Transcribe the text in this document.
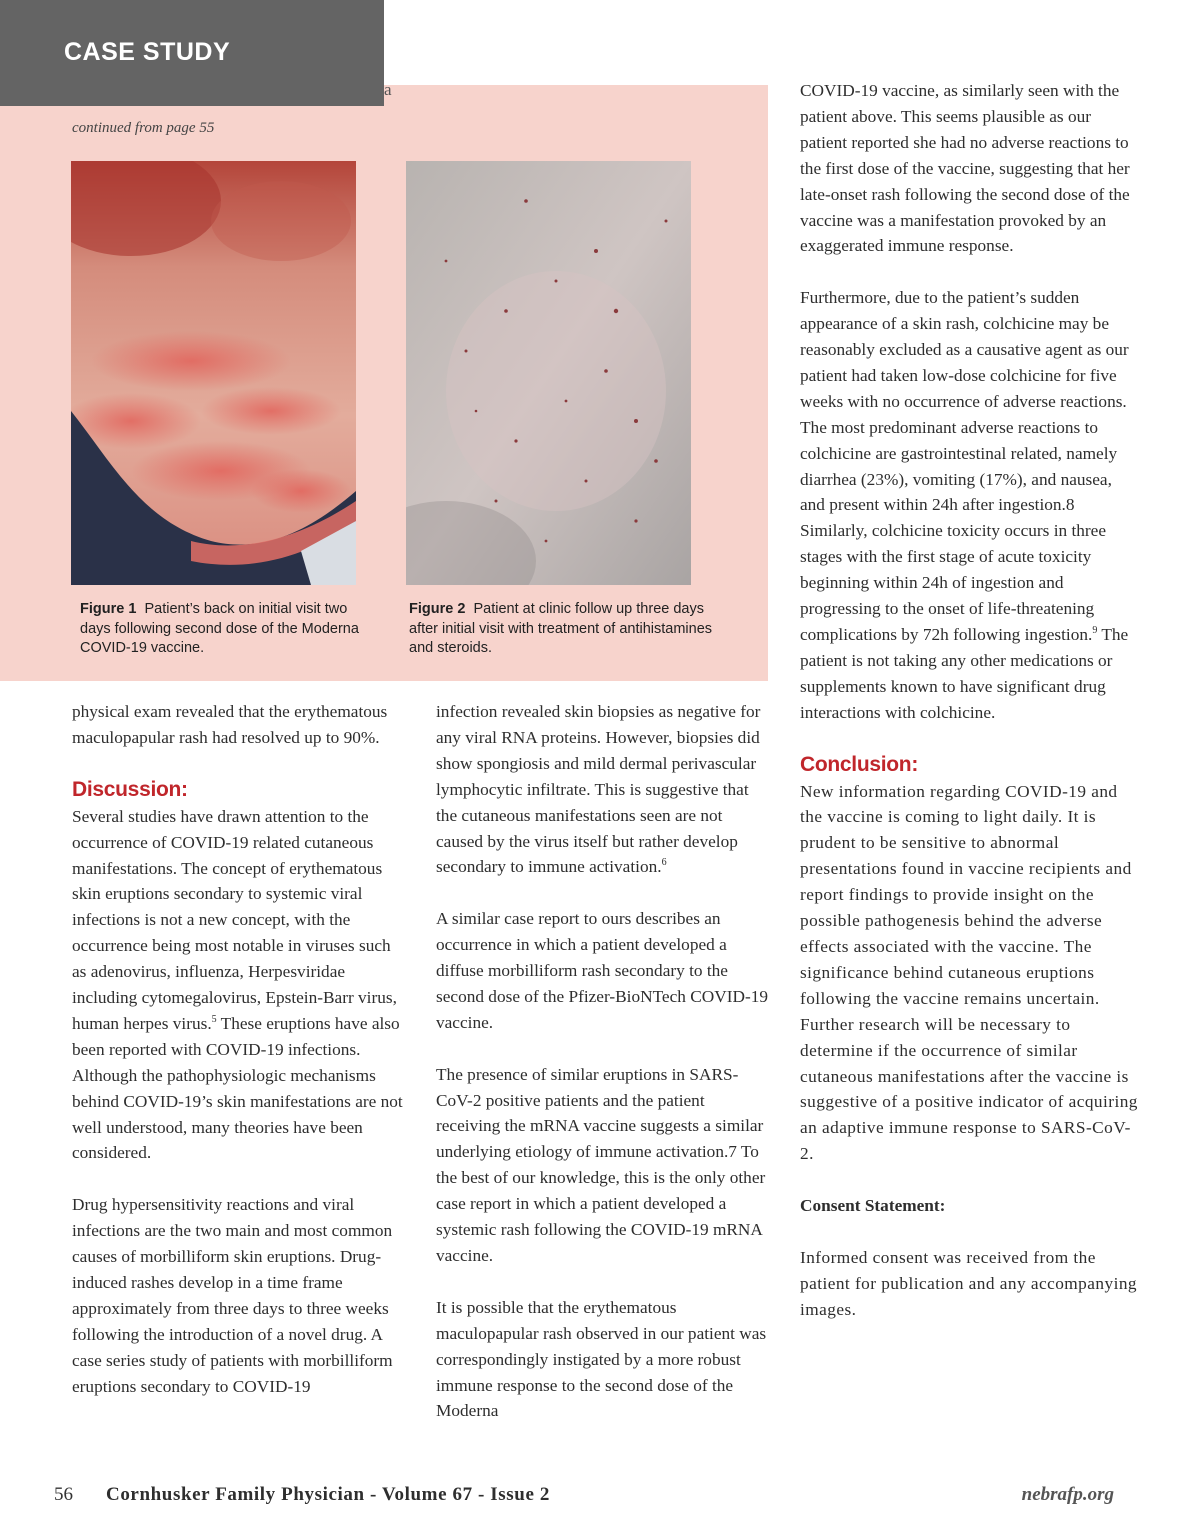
CASE STUDY
a
continued from page 55
Figure 1 Patient’s back on initial visit two days following second dose of the Moderna COVID-19 vaccine.
Figure 2 Patient at clinic follow up three days after initial visit with treatment of antihistamines and steroids.

physical exam revealed that the erythematous maculopapular rash had resolved up to 90%.

Discussion:

Several studies have drawn attention to the occurrence of COVID-19 related cutaneous manifestations. The concept of erythematous skin eruptions secondary to systemic viral infections is not a new concept, with the occurrence being most notable in viruses such as adenovirus, influenza, Herpesviridae including cytomegalovirus, Epstein-Barr virus, human herpes virus.$^5$ These eruptions have also been reported with COVID-19 infections. Although the pathophysiologic mechanisms behind COVID-19’s skin manifestations are not well understood, many theories have been considered.

Drug hypersensitivity reactions and viral infections are the two main and most common causes of morbilliform skin eruptions. Drug-induced rashes develop in a time frame approximately from three days to three weeks following the introduction of a novel drug. A case series study of patients with morbilliform eruptions secondary to COVID-19

infection revealed skin biopsies as negative for any viral RNA proteins. However, biopsies did show spongiosis and mild dermal perivascular lymphocytic infiltrate. This is suggestive that the cutaneous manifestations seen are not caused by the virus itself but rather develop secondary to immune activation.$^6$

A similar case report to ours describes an occurrence in which a patient developed a diffuse morbilliform rash secondary to the second dose of the Pfizer-BioNTech COVID-19 vaccine.

The presence of similar eruptions in SARS-CoV-2 positive patients and the patient receiving the mRNA vaccine suggests a similar underlying etiology of immune activation.7 To the best of our knowledge, this is the only other case report in which a patient developed a systemic rash following the COVID-19 mRNA vaccine.

It is possible that the erythematous maculopapular rash observed in our patient was correspondingly instigated by a more robust immune response to the second dose of the Moderna

COVID-19 vaccine, as similarly seen with the patient above. This seems plausible as our patient reported she had no adverse reactions to the first dose of the vaccine, suggesting that her late-onset rash following the second dose of the vaccine was a manifestation provoked by an exaggerated immune response.

Furthermore, due to the patient’s sudden appearance of a skin rash, colchicine may be reasonably excluded as a causative agent as our patient had taken low-dose colchicine for five weeks with no occurrence of adverse reactions. The most predominant adverse reactions to colchicine are gastrointestinal related, namely diarrhea (23%), vomiting (17%), and nausea, and present within 24h after ingestion.8 Similarly, colchicine toxicity occurs in three stages with the first stage of acute toxicity beginning within 24h of ingestion and progressing to the onset of life-threatening complications by 72h following ingestion.$^9$ The patient is not taking any other medications or supplements known to have significant drug interactions with colchicine.

Conclusion:

New information regarding COVID-19 and the vaccine is coming to light daily. It is prudent to be sensitive to abnormal presentations found in vaccine recipients and report findings to provide insight on the possible pathogenesis behind the adverse effects associated with the vaccine. The significance behind cutaneous eruptions following the vaccine remains uncertain. Further research will be necessary to determine if the occurrence of similar cutaneous manifestations after the vaccine is suggestive of a positive indicator of acquiring an adaptive immune response to SARS-CoV-2.

Consent Statement:

Informed consent was received from the patient for publication and any accompanying images.

56 Cornhusker Family Physician - Volume 67 - Issue 2	nebrafp.org
